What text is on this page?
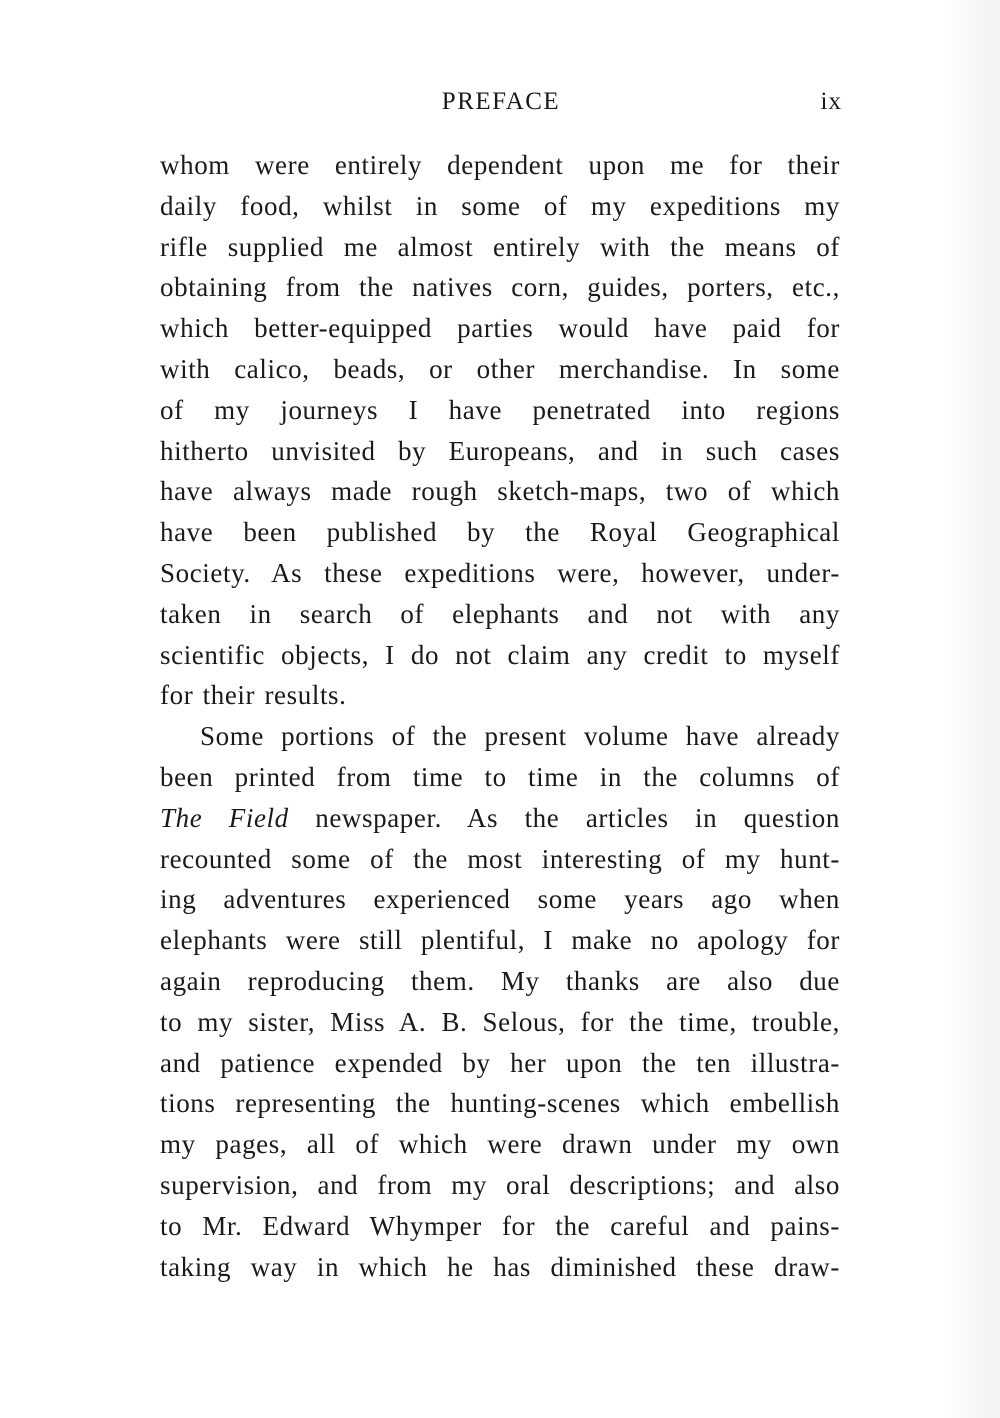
PREFACE	ix
whom were entirely dependent upon me for their
daily food, whilst in some of my expeditions my
rifle supplied me almost entirely with the means of
obtaining from the natives corn, guides, porters, etc.,
which better-equipped parties would have paid for
with calico, beads, or other merchandise. In some
of my journeys I have penetrated into regions
hitherto unvisited by Europeans, and in such cases
have always made rough sketch-maps, two of which
have been published by the Royal Geographical
Society. As these expeditions were, however, under-
taken in search of elephants and not with any
scientific objects, I do not claim any credit to myself
for their results.
Some portions of the present volume have already
been printed from time to time in the columns of
The Field newspaper. As the articles in question
recounted some of the most interesting of my hunt-
ing adventures experienced some years ago when
elephants were still plentiful, I make no apology for
again reproducing them. My thanks are also due
to my sister, Miss A. B. Selous, for the time, trouble,
and patience expended by her upon the ten illustra-
tions representing the hunting-scenes which embellish
my pages, all of which were drawn under my own
supervision, and from my oral descriptions; and also
to Mr. Edward Whymper for the careful and pains-
taking way in which he has diminished these draw-
